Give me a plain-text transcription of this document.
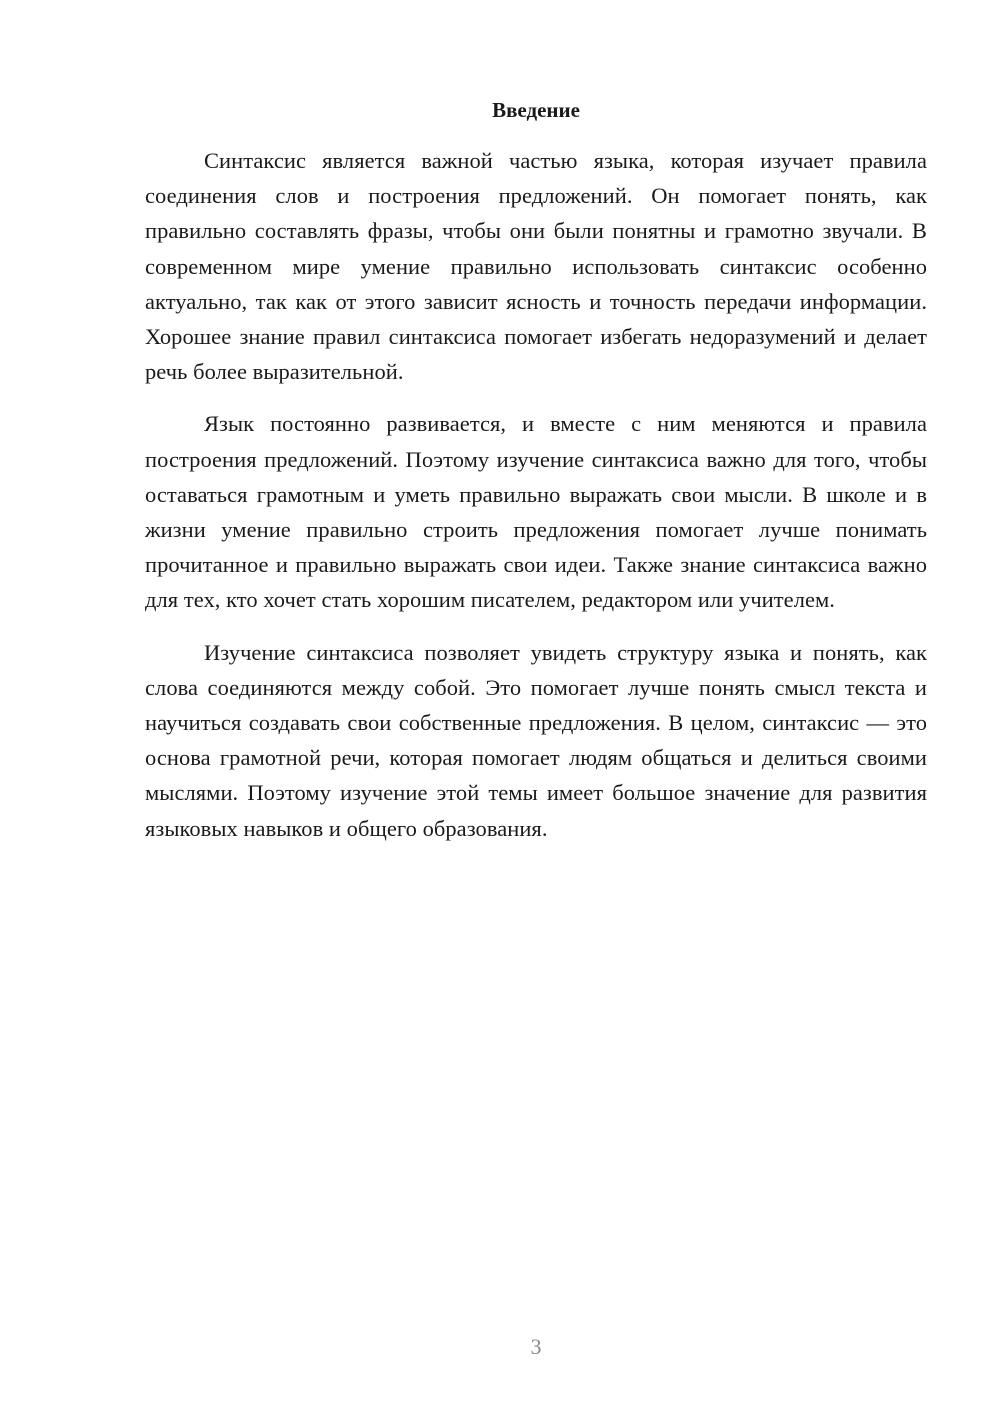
Введение

Синтаксис является важной частью языка, которая изучает правила соединения слов и построения предложений. Он помогает понять, как правильно составлять фразы, чтобы они были понятны и грамотно звучали. В современном мире умение правильно использовать синтаксис особенно актуально, так как от этого зависит ясность и точность передачи информации. Хорошее знание правил синтаксиса помогает избегать недоразумений и делает речь более выразительной.

Язык постоянно развивается, и вместе с ним меняются и правила построения предложений. Поэтому изучение синтаксиса важно для того, чтобы оставаться грамотным и уметь правильно выражать свои мысли. В школе и в жизни умение правильно строить предложения помогает лучше понимать прочитанное и правильно выражать свои идеи. Также знание синтаксиса важно для тех, кто хочет стать хорошим писателем, редактором или учителем.

Изучение синтаксиса позволяет увидеть структуру языка и понять, как слова соединяются между собой. Это помогает лучше понять смысл текста и научиться создавать свои собственные предложения. В целом, синтаксис — это основа грамотной речи, которая помогает людям общаться и делиться своими мыслями. Поэтому изучение этой темы имеет большое значение для развития языковых навыков и общего образования.

3
